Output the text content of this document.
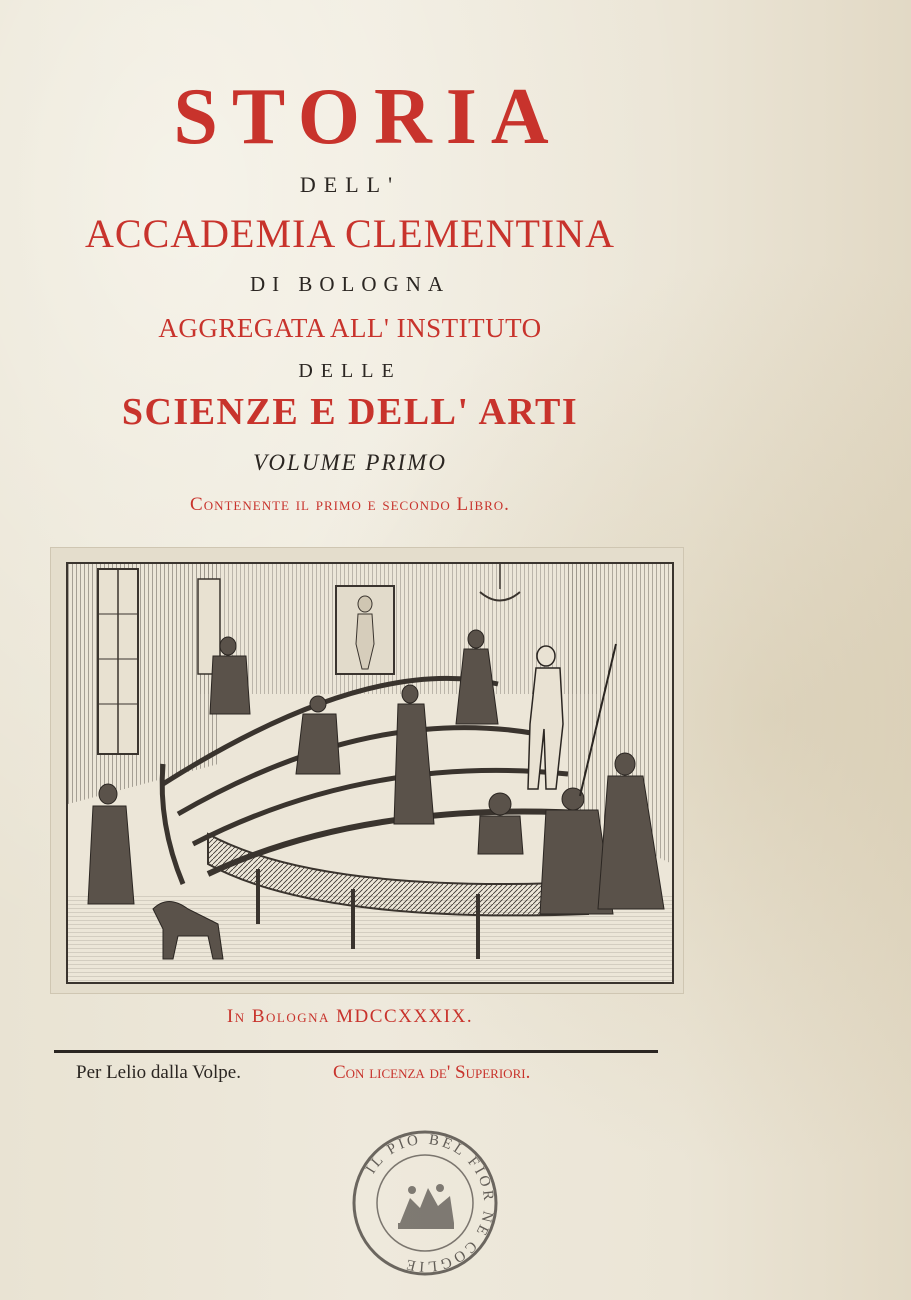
STORIA
DELL'
ACCADEMIA CLEMENTINA
DI BOLOGNA
AGGREGATA ALL' INSTITUTO
DELLE
SCIENZE E DELL' ARTI
VOLUME PRIMO
Contenente il primo e secondo Libro.
In Bologna MDCCXXXIX.
Per Lelio dalla Volpe.	Con licenza de' Superiori.
IL PIO BEL FIOR NE COGLIE
